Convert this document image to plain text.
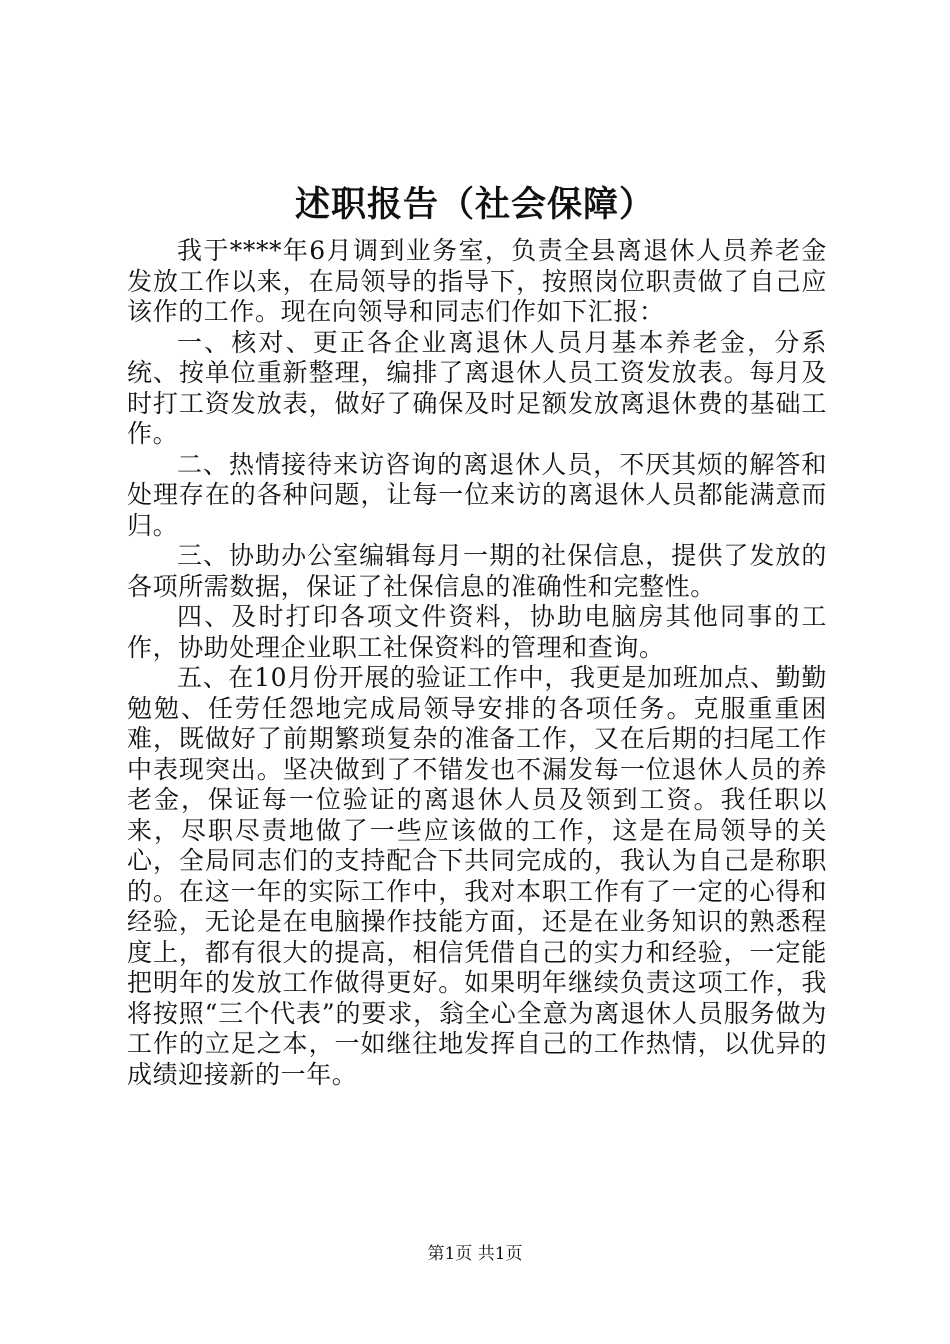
述职报告（社会保障）

我于****年6月调到业务室，负责全县离退休人员养老金发放工作以来，在局领导的指导下，按照岗位职责做了自己应该作的工作。现在向领导和同志们作如下汇报：

一、核对、更正各企业离退休人员月基本养老金，分系统、按单位重新整理，编排了离退休人员工资发放表。每月及时打工资发放表，做好了确保及时足额发放离退休费的基础工作。

二、热情接待来访咨询的离退休人员，不厌其烦的解答和处理存在的各种问题，让每一位来访的离退休人员都能满意而归。

三、协助办公室编辑每月一期的社保信息，提供了发放的各项所需数据，保证了社保信息的准确性和完整性。

四、及时打印各项文件资料，协助电脑房其他同事的工作，协助处理企业职工社保资料的管理和查询。

五、在10月份开展的验证工作中，我更是加班加点、勤勤勉勉、任劳任怨地完成局领导安排的各项任务。克服重重困难，既做好了前期繁琐复杂的准备工作，又在后期的扫尾工作中表现突出。坚决做到了不错发也不漏发每一位退休人员的养老金，保证每一位验证的离退休人员及领到工资。我任职以来，尽职尽责地做了一些应该做的工作，这是在局领导的关心，全局同志们的支持配合下共同完成的，我认为自己是称职的。在这一年的实际工作中，我对本职工作有了一定的心得和经验，无论是在电脑操作技能方面，还是在业务知识的熟悉程度上，都有很大的提高，相信凭借自己的实力和经验，一定能把明年的发放工作做得更好。如果明年继续负责这项工作，我将按照“三个代表”的要求，翁全心全意为离退休人员服务做为工作的立足之本，一如继往地发挥自己的工作热情，以优异的成绩迎接新的一年。

第1页 共1页
